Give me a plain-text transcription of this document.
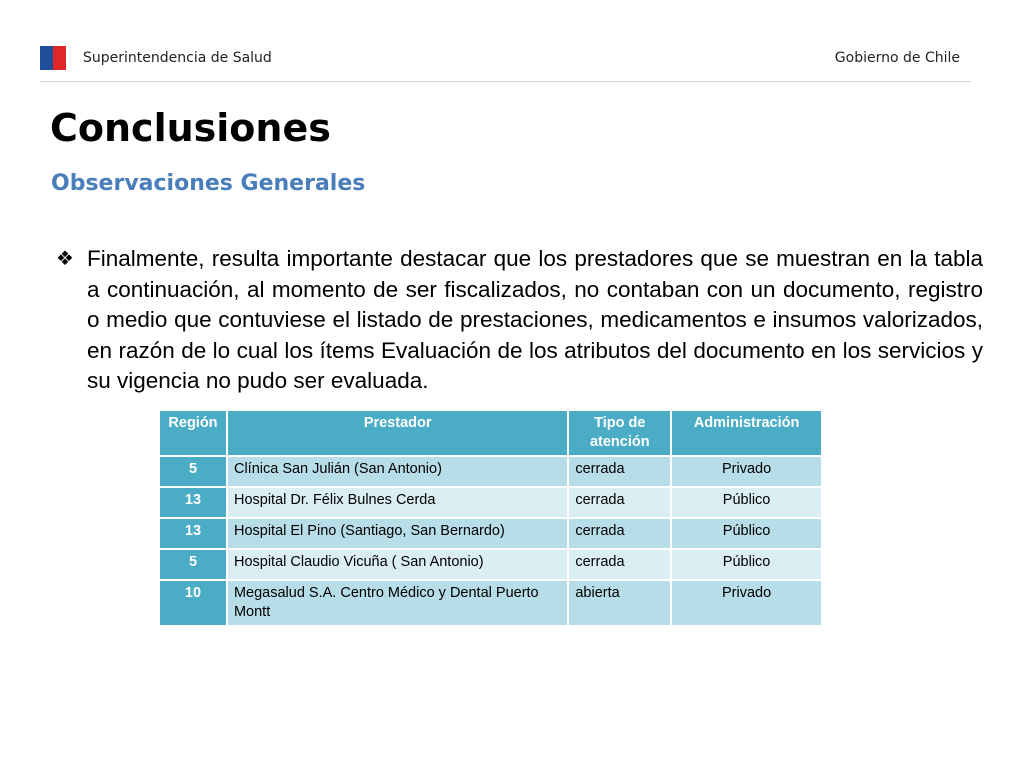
Superintendencia de Salud	Gobierno de Chile
Conclusiones
Observaciones Generales
❖ Finalmente, resulta importante destacar que los prestadores que se muestran en la tabla a continuación, al momento de ser fiscalizados, no contaban con un documento, registro o medio que contuviese el listado de prestaciones, medicamentos e insumos valorizados, en razón de lo cual los ítems Evaluación de los atributos del documento en los servicios y su vigencia no pudo ser evaluada.
Región	Prestador	Tipo de atención	Administración
5	Clínica San Julián (San Antonio)	cerrada	Privado
13	Hospital Dr. Félix Bulnes Cerda	cerrada	Público
13	Hospital El Pino (Santiago, San Bernardo)	cerrada	Público
5	Hospital Claudio Vicuña ( San Antonio)	cerrada	Público
10	Megasalud S.A. Centro Médico y Dental Puerto Montt	abierta	Privado
